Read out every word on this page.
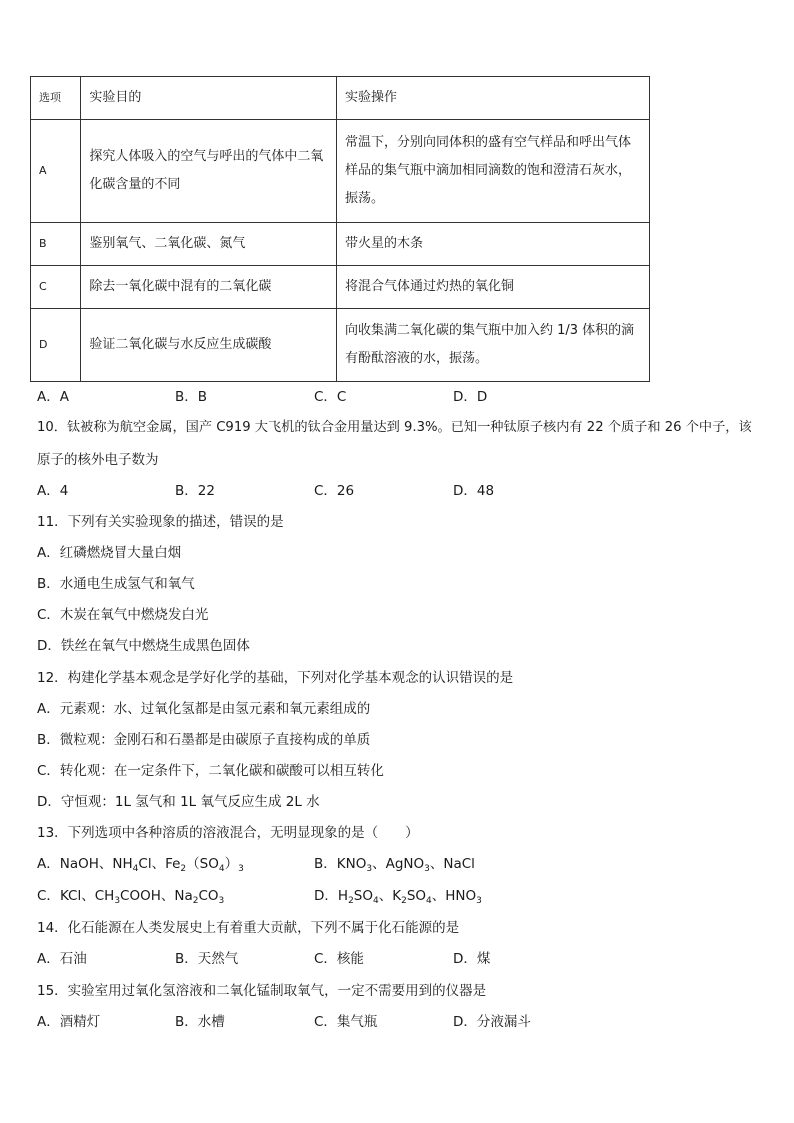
选项	实验目的	实验操作
A	探究人体吸入的空气与呼出的气体中二氧化碳含量的不同	常温下，分别向同体积的盛有空气样品和呼出气体样品的集气瓶中滴加相同滴数的饱和澄清石灰水，振荡。
B	鉴别氧气、二氧化碳、氮气	带火星的木条
C	除去一氧化碳中混有的二氧化碳	将混合气体通过灼热的氧化铜
D	验证二氧化碳与水反应生成碳酸	向收集满二氧化碳的集气瓶中加入约 1/3 体积的滴有酚酞溶液的水，振荡。
A．A	B．B	C．C	D．D
10．钛被称为航空金属，国产 C919 大飞机的钛合金用量达到 9.3%。已知一种钛原子核内有 22 个质子和 26 个中子，该
原子的核外电子数为
A．4	B．22	C．26	D．48
11．下列有关实验现象的描述，错误的是
A．红磷燃烧冒大量白烟
B．水通电生成氢气和氧气
C．木炭在氧气中燃烧发白光
D．铁丝在氧气中燃烧生成黑色固体
12．构建化学基本观念是学好化学的基础，下列对化学基本观念的认识错误的是
A．元素观：水、过氧化氢都是由氢元素和氧元素组成的
B．微粒观：金刚石和石墨都是由碳原子直接构成的单质
C．转化观：在一定条件下，二氧化碳和碳酸可以相互转化
D．守恒观：1L 氢气和 1L 氧气反应生成 2L 水
13．下列选项中各种溶质的溶液混合，无明显现象的是（　　）
A．NaOH、$NH_4Cl$、$Fe_2(SO_4)_3$	B．$KNO_3$、AgNO$_3$、NaCl
C．KCl、$CH_3COOH$、$Na_2CO_3$	D．$H_2SO_4$、$K_2SO_4$、$HNO_3$
14．化石能源在人类发展史上有着重大贡献，下列不属于化石能源的是
A．石油	B．天然气	C．核能	D．煤
15．实验室用过氧化氢溶液和二氧化锰制取氧气，一定不需要用到的仪器是
A．酒精灯	B．水槽	C．集气瓶	D．分液漏斗
